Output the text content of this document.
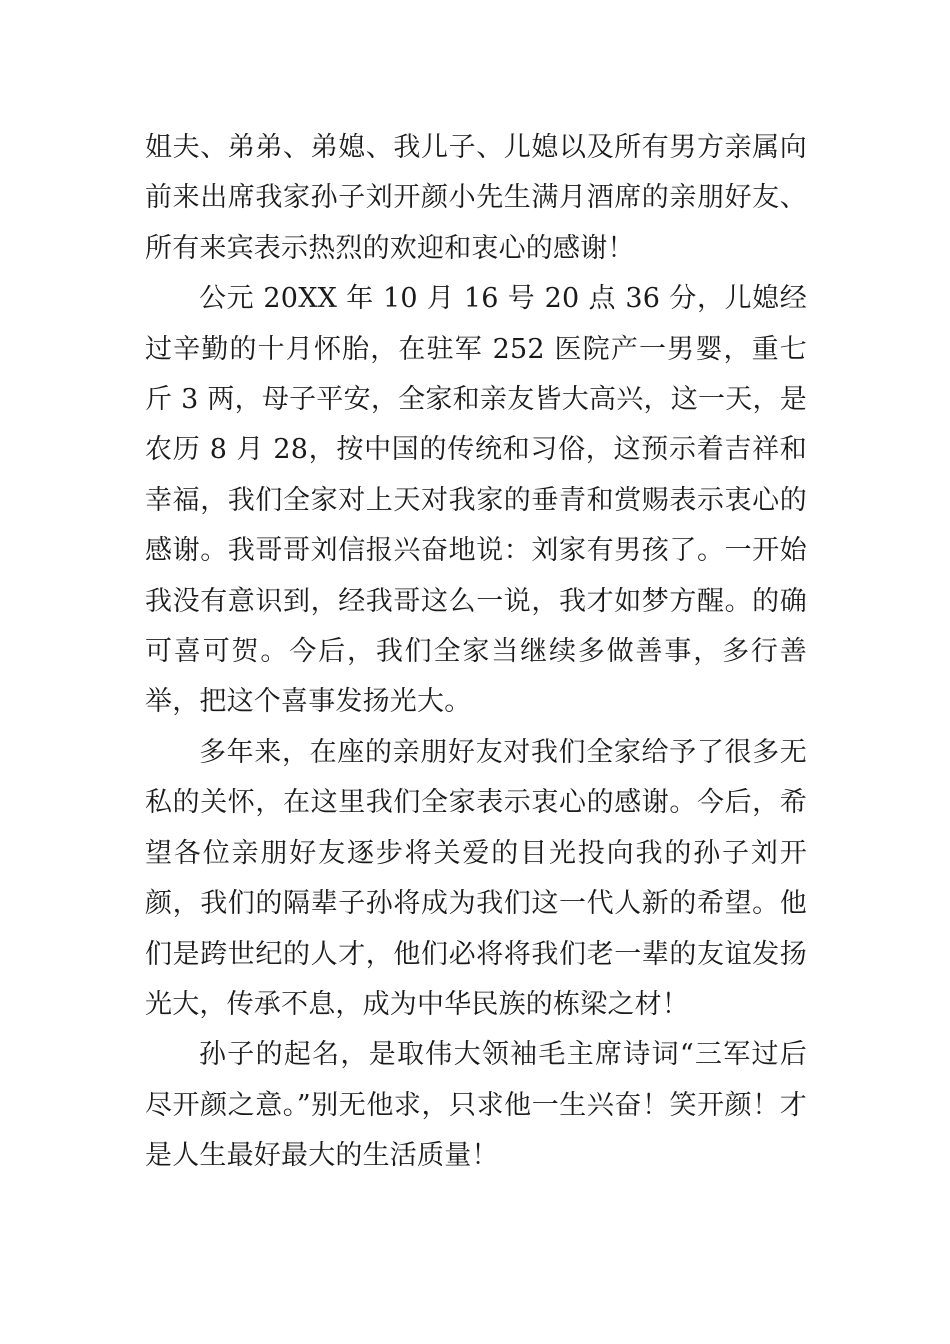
姐夫、弟弟、弟媳、我儿子、儿媳以及所有男方亲属向前来出席我家孙子刘开颜小先生满月酒席的亲朋好友、所有来宾表示热烈的欢迎和衷心的感谢！

公元 20XX 年 10 月 16 号 20 点 36 分，儿媳经过辛勤的十月怀胎，在驻军 252 医院产一男婴，重七斤 3 两，母子平安，全家和亲友皆大高兴，这一天，是农历 8 月 28，按中国的传统和习俗，这预示着吉祥和幸福，我们全家对上天对我家的垂青和赏赐表示衷心的感谢。我哥哥刘信报兴奋地说：刘家有男孩了。一开始我没有意识到，经我哥这么一说，我才如梦方醒。的确可喜可贺。今后，我们全家当继续多做善事，多行善举，把这个喜事发扬光大。

多年来，在座的亲朋好友对我们全家给予了很多无私的关怀，在这里我们全家表示衷心的感谢。今后，希望各位亲朋好友逐步将关爱的目光投向我的孙子刘开颜，我们的隔辈子孙将成为我们这一代人新的希望。他们是跨世纪的人才，他们必将将我们老一辈的友谊发扬光大，传承不息，成为中华民族的栋梁之材！

孙子的起名，是取伟大领袖毛主席诗词“三军过后尽开颜之意。”别无他求，只求他一生兴奋！笑开颜！才是人生最好最大的生活质量！
